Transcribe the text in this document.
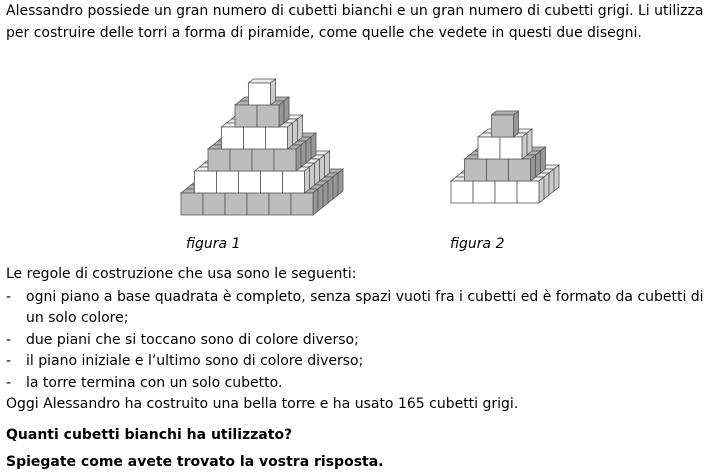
Alessandro possiede un gran numero di cubetti bianchi e un gran numero di cubetti grigi. Li utilizza
per costruire delle torri a forma di piramide, come quelle che vedete in questi due disegni.
figura 1	figura 2
Le regole di costruzione che usa sono le seguenti:
- ogni piano a base quadrata è completo, senza spazi vuoti fra i cubetti ed è formato da cubetti di
un solo colore;
- due piani che si toccano sono di colore diverso;
- il piano iniziale e l’ultimo sono di colore diverso;
- la torre termina con un solo cubetto.
Oggi Alessandro ha costruito una bella torre e ha usato 165 cubetti grigi.
Quanti cubetti bianchi ha utilizzato?
Spiegate come avete trovato la vostra risposta.
